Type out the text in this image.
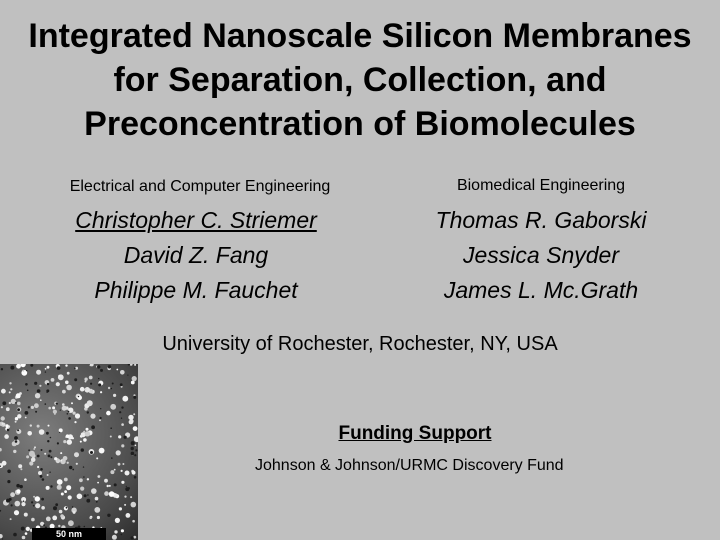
Integrated Nanoscale Silicon Membranes
for Separation, Collection, and
Preconcentration of Biomolecules
Electrical and Computer Engineering	Biomedical Engineering
Christopher C. Striemer
David Z. Fang
Philippe M. Fauchet
Thomas R. Gaborski
Jessica Snyder
James L. Mc.Grath
University of Rochester, Rochester, NY, USA
50 nm
Funding Support
Johnson & Johnson/URMC Discovery Fund
